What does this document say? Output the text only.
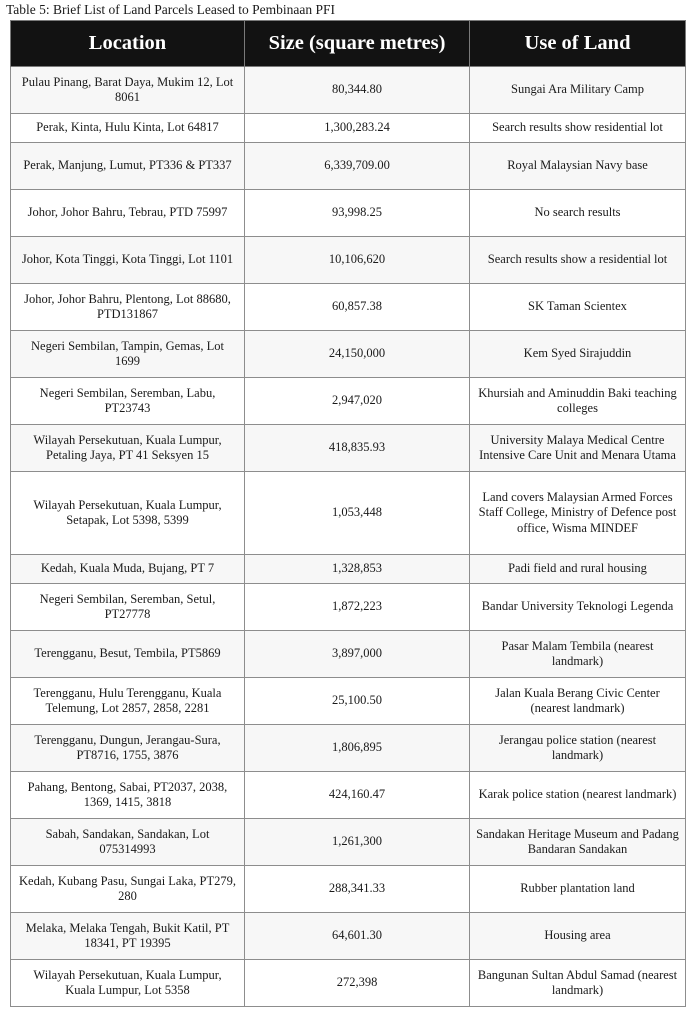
Table 5: Brief List of Land Parcels Leased to Pembinaan PFI
Location	Size (square metres)	Use of Land
Pulau Pinang, Barat Daya, Mukim 12, Lot 8061	80,344.80	Sungai Ara Military Camp
Perak, Kinta, Hulu Kinta, Lot 64817	1,300,283.24	Search results show residential lot
Perak, Manjung, Lumut, PT336 & PT337	6,339,709.00	Royal Malaysian Navy base
Johor, Johor Bahru, Tebrau, PTD 75997	93,998.25	No search results
Johor, Kota Tinggi, Kota Tinggi, Lot 1101	10,106,620	Search results show a residential lot
Johor, Johor Bahru, Plentong, Lot 88680, PTD131867	60,857.38	SK Taman Scientex
Negeri Sembilan, Tampin, Gemas, Lot 1699	24,150,000	Kem Syed Sirajuddin
Negeri Sembilan, Seremban, Labu, PT23743	2,947,020	Khursiah and Aminuddin Baki teaching colleges
Wilayah Persekutuan, Kuala Lumpur, Petaling Jaya, PT 41 Seksyen 15	418,835.93	University Malaya Medical Centre Intensive Care Unit and Menara Utama
Wilayah Persekutuan, Kuala Lumpur, Setapak, Lot 5398, 5399	1,053,448	Land covers Malaysian Armed Forces Staff College, Ministry of Defence post office, Wisma MINDEF
Kedah, Kuala Muda, Bujang, PT 7	1,328,853	Padi field and rural housing
Negeri Sembilan, Seremban, Setul, PT27778	1,872,223	Bandar University Teknologi Legenda
Terengganu, Besut, Tembila, PT5869	3,897,000	Pasar Malam Tembila (nearest landmark)
Terengganu, Hulu Terengganu, Kuala Telemung, Lot 2857, 2858, 2281	25,100.50	Jalan Kuala Berang Civic Center (nearest landmark)
Terengganu, Dungun, Jerangau-Sura, PT8716, 1755, 3876	1,806,895	Jerangau police station (nearest landmark)
Pahang, Bentong, Sabai, PT2037, 2038, 1369, 1415, 3818	424,160.47	Karak police station (nearest landmark)
Sabah, Sandakan, Sandakan, Lot 075314993	1,261,300	Sandakan Heritage Museum and Padang Bandaran Sandakan
Kedah, Kubang Pasu, Sungai Laka, PT279, 280	288,341.33	Rubber plantation land
Melaka, Melaka Tengah, Bukit Katil, PT 18341, PT 19395	64,601.30	Housing area
Wilayah Persekutuan, Kuala Lumpur, Kuala Lumpur, Lot 5358	272,398	Bangunan Sultan Abdul Samad (nearest landmark)
